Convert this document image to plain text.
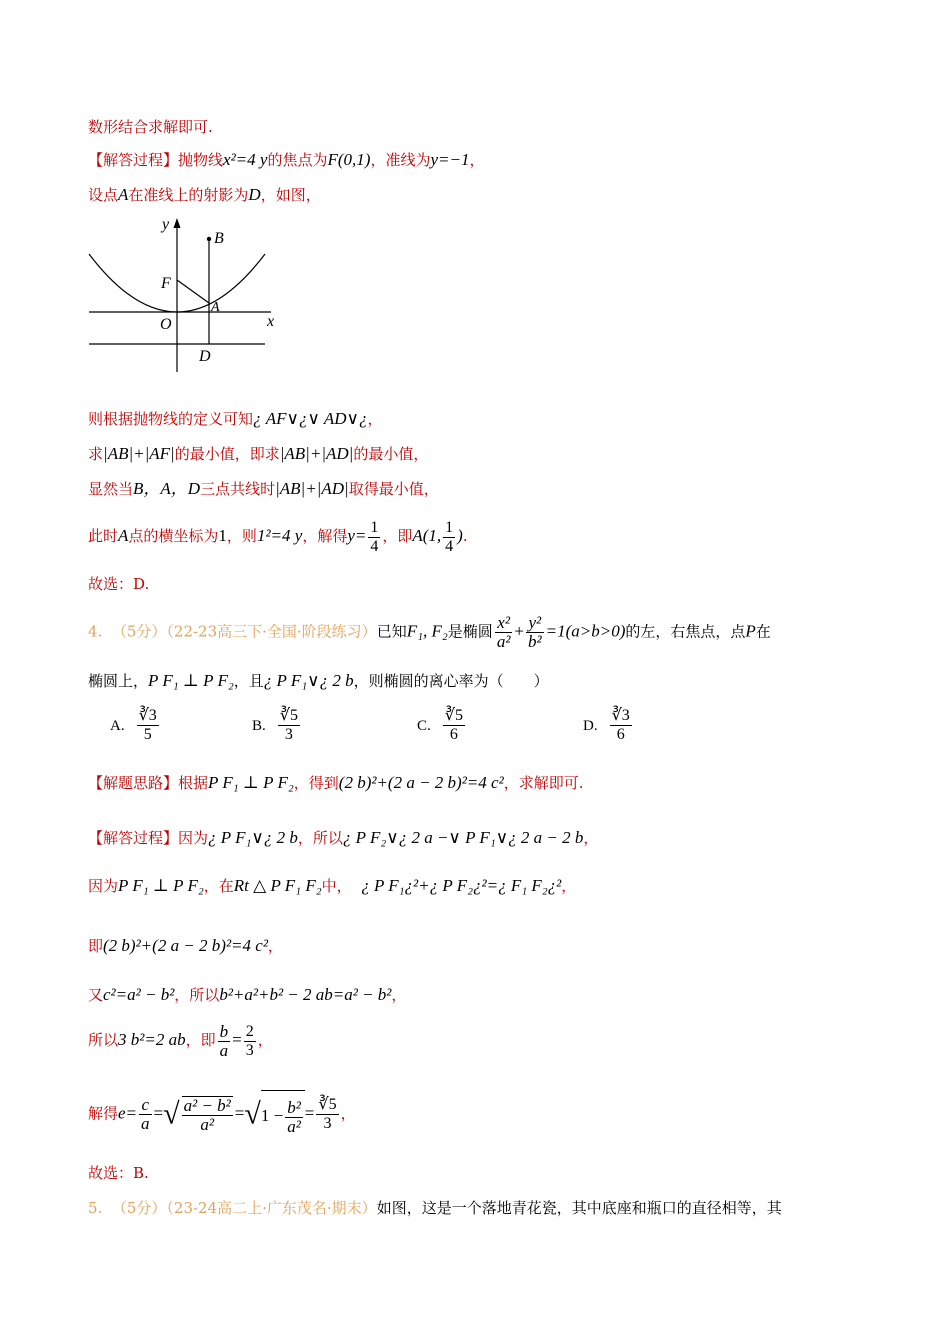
数形结合求解即可.
【解答过程】抛物线x²=4 y的焦点为F(0,1)，准线为y=−1，
设点A在准线上的射影为D，如图，
y
x
B
F
A
O
D
则根据抛物线的定义可知¿ AF∨¿∨ AD∨¿，
求|AB|+|AF|的最小值，即求|AB|+|AD|的最小值，
显然当B，A，D三点共线时|AB|+|AD|取得最小值，
此时A点的横坐标为1，则1²=4 y，解得$y= \frac{1}{4}$ ，即A(1, $\frac{1}{4}$ ).
故选：D.
4. （5分）（22-23高三下·全国·阶段练习）已知F₁, F₂是椭圆 $\frac{\text{x²}}{\text{a²}} + \frac{\text{y²}}{\text{b²}} =1(a>b>0)$的左，右焦点，点P在
椭圆上，P F₁ ⊥ P F₂，且¿ P F₁∨¿ 2 b，则椭圆的离心率为（　　）
A. $\frac{∛3}{5}$	B. $\frac{∛5}{3}$	C. $\frac{∛5}{6}$	D. $\frac{∛3}{6}$
【解题思路】根据P F₁ ⊥ P F₂，得到(2 b)²+(2 a − 2 b)²=4 c²，求解即可.
【解答过程】因为¿ P F₁∨¿ 2 b，所以¿ P F₂∨¿ 2 a −∨ P F₁∨¿ 2 a − 2 b，
因为P F₁ ⊥ P F₂，在Rt △ P F₁ F₂中， ¿ P F₁¿²+¿ P F₂¿²=¿ F₁ F₂¿²，
即(2 b)²+(2 a − 2 b)²=4 c²，
又c²=a² − b²，所以b²+a²+b² − 2 ab=a² − b²，
所以3 b²=2 ab，即 $\frac{b}{a} = \frac{2}{3}$ ，
解得$e= \frac{c}{a}$ =√ $\frac{\text{a² − b²}}{\text{a²}} =√1 - \frac{\text{b²}}{\text{a²}} = \frac{∛5}{3}$ ，
故选：B.
5. （5分）（23-24高二上·广东茂名·期末）如图，这是一个落地青花瓷，其中底座和瓶口的直径相等，其
